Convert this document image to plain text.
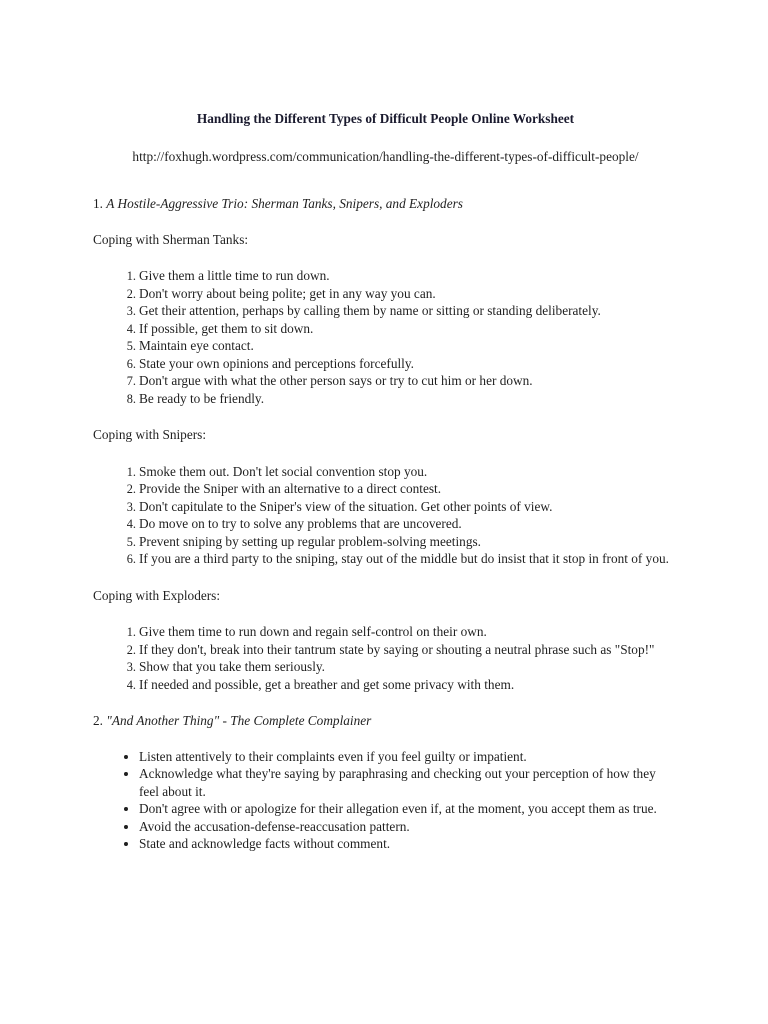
Handling the Different Types of Difficult People Online Worksheet
http://foxhugh.wordpress.com/communication/handling-the-different-types-of-difficult-people/
1. A Hostile-Aggressive Trio: Sherman Tanks, Snipers, and Exploders
Coping with Sherman Tanks:
1. Give them a little time to run down.
2. Don't worry about being polite; get in any way you can.
3. Get their attention, perhaps by calling them by name or sitting or standing deliberately.
4. If possible, get them to sit down.
5. Maintain eye contact.
6. State your own opinions and perceptions forcefully.
7. Don't argue with what the other person says or try to cut him or her down.
8. Be ready to be friendly.
Coping with Snipers:
1. Smoke them out. Don't let social convention stop you.
2. Provide the Sniper with an alternative to a direct contest.
3. Don't capitulate to the Sniper's view of the situation. Get other points of view.
4. Do move on to try to solve any problems that are uncovered.
5. Prevent sniping by setting up regular problem-solving meetings.
6. If you are a third party to the sniping, stay out of the middle but do insist that it stop in front of you.
Coping with Exploders:
1. Give them time to run down and regain self-control on their own.
2. If they don't, break into their tantrum state by saying or shouting a neutral phrase such as "Stop!"
3. Show that you take them seriously.
4. If needed and possible, get a breather and get some privacy with them.
2. "And Another Thing" - The Complete Complainer
• Listen attentively to their complaints even if you feel guilty or impatient.
• Acknowledge what they're saying by paraphrasing and checking out your perception of how they feel about it.
• Don't agree with or apologize for their allegation even if, at the moment, you accept them as true.
• Avoid the accusation-defense-reaccusation pattern.
• State and acknowledge facts without comment.
